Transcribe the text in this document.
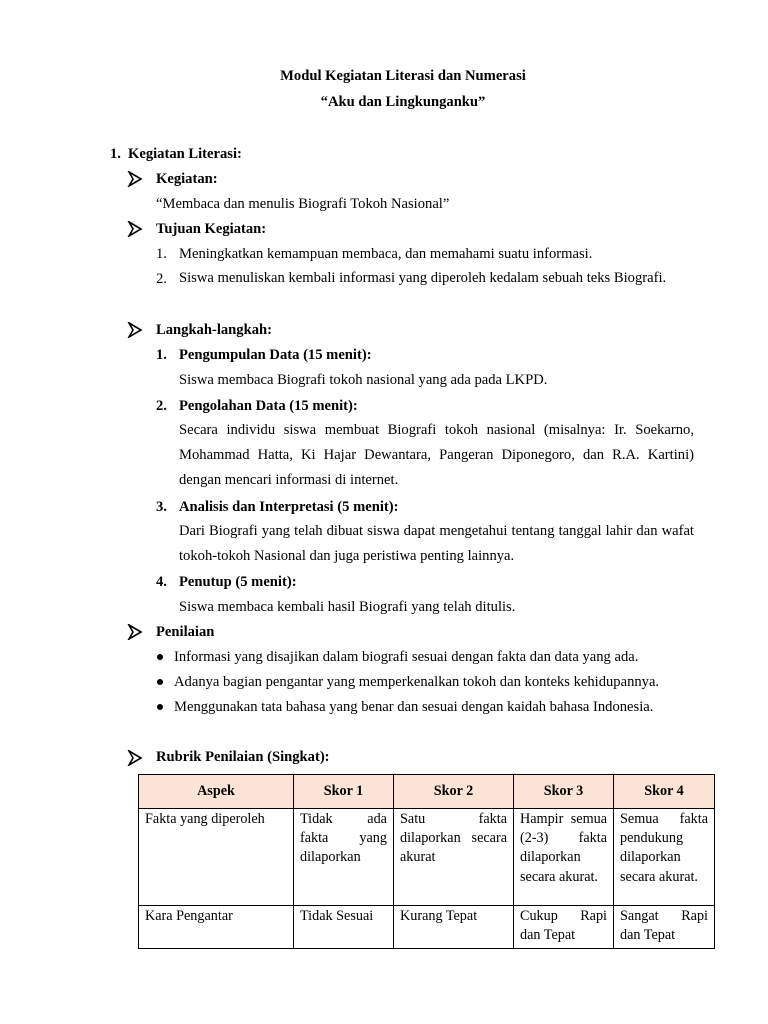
Modul Kegiatan Literasi dan Numerasi
“Aku dan Lingkunganku”
1. Kegiatan Literasi:
Kegiatan:
“Membaca dan menulis Biografi Tokoh Nasional”
Tujuan Kegiatan:
1. Meningkatkan kemampuan membaca, dan memahami suatu informasi.
2. Siswa menuliskan kembali informasi yang diperoleh kedalam sebuah teks Biografi.
Langkah-langkah:
1. Pengumpulan Data (15 menit):
Siswa membaca Biografi tokoh nasional yang ada pada LKPD.
2. Pengolahan Data (15 menit):
Secara individu siswa membuat Biografi tokoh nasional (misalnya: Ir. Soekarno, Mohammad Hatta, Ki Hajar Dewantara, Pangeran Diponegoro, dan R.A. Kartini) dengan mencari informasi di internet.
3. Analisis dan Interpretasi (5 menit):
Dari Biografi yang telah dibuat siswa dapat mengetahui tentang tanggal lahir dan wafat tokoh-tokoh Nasional dan juga peristiwa penting lainnya.
4. Penutup (5 menit):
Siswa membaca kembali hasil Biografi yang telah ditulis.
Penilaian
Informasi yang disajikan dalam biografi sesuai dengan fakta dan data yang ada.
Adanya bagian pengantar yang memperkenalkan tokoh dan konteks kehidupannya.
Menggunakan tata bahasa yang benar dan sesuai dengan kaidah bahasa Indonesia.
Rubrik Penilaian (Singkat):
Aspek	Skor 1	Skor 2	Skor 3	Skor 4
Fakta yang diperoleh	Tidak ada fakta yang dilaporkan	Satu fakta dilaporkan secara akurat	Hampir semua (2-3) fakta dilaporkan secara akurat.	Semua fakta pendukung dilaporkan secara akurat.
Kara Pengantar	Tidak Sesuai	Kurang Tepat	Cukup Rapi dan Tepat	Sangat Rapi dan Tepat
